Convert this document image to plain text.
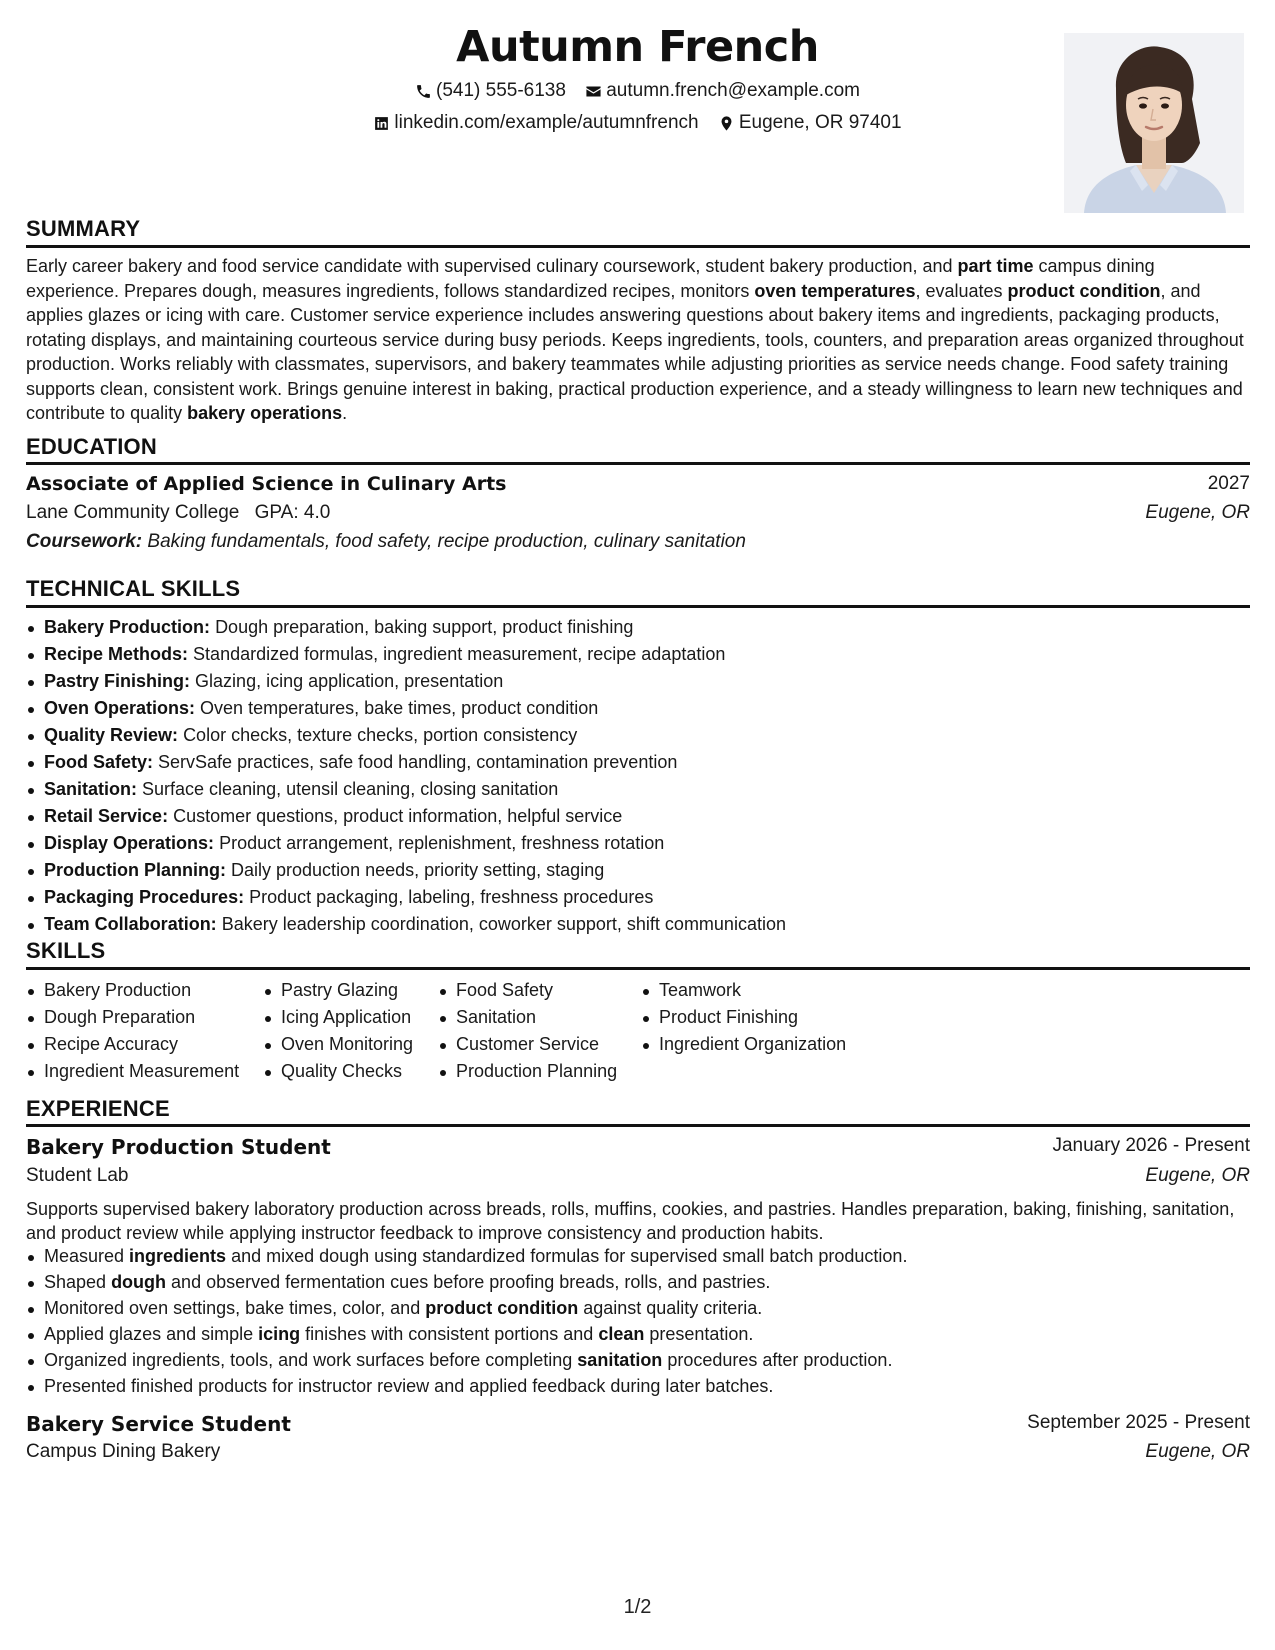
Autumn French
(541) 555-6138
autumn.french@example.com
linkedin.com/example/autumnfrench
Eugene, OR 97401
SUMMARY
Early career bakery and food service candidate with supervised culinary coursework, student bakery production, and part time campus dining experience. Prepares dough, measures ingredients, follows standardized recipes, monitors oven temperatures, evaluates product condition, and applies glazes or icing with care. Customer service experience includes answering questions about bakery items and ingredients, packaging products, rotating displays, and maintaining courteous service during busy periods. Keeps ingredients, tools, counters, and preparation areas organized throughout production. Works reliably with classmates, supervisors, and bakery teammates while adjusting priorities as service needs change. Food safety training supports clean, consistent work. Brings genuine interest in baking, practical production experience, and a steady willingness to learn new techniques and contribute to quality bakery operations.
EDUCATION
Associate of Applied Science in Culinary Arts	2027
Lane Community College GPA: 4.0	Eugene, OR
Coursework: Baking fundamentals, food safety, recipe production, culinary sanitation
TECHNICAL SKILLS
Bakery Production: Dough preparation, baking support, product finishing
Recipe Methods: Standardized formulas, ingredient measurement, recipe adaptation
Pastry Finishing: Glazing, icing application, presentation
Oven Operations: Oven temperatures, bake times, product condition
Quality Review: Color checks, texture checks, portion consistency
Food Safety: ServSafe practices, safe food handling, contamination prevention
Sanitation: Surface cleaning, utensil cleaning, closing sanitation
Retail Service: Customer questions, product information, helpful service
Display Operations: Product arrangement, replenishment, freshness rotation
Production Planning: Daily production needs, priority setting, staging
Packaging Procedures: Product packaging, labeling, freshness procedures
Team Collaboration: Bakery leadership coordination, coworker support, shift communication
SKILLS
Bakery Production
Dough Preparation
Recipe Accuracy
Ingredient Measurement
Pastry Glazing
Icing Application
Oven Monitoring
Quality Checks
Food Safety
Sanitation
Customer Service
Production Planning
Teamwork
Product Finishing
Ingredient Organization
EXPERIENCE
Bakery Production Student	January 2026 - Present
Student Lab	Eugene, OR
Supports supervised bakery laboratory production across breads, rolls, muffins, cookies, and pastries. Handles preparation, baking, finishing, sanitation, and product review while applying instructor feedback to improve consistency and production habits.
Measured ingredients and mixed dough using standardized formulas for supervised small batch production.
Shaped dough and observed fermentation cues before proofing breads, rolls, and pastries.
Monitored oven settings, bake times, color, and product condition against quality criteria.
Applied glazes and simple icing finishes with consistent portions and clean presentation.
Organized ingredients, tools, and work surfaces before completing sanitation procedures after production.
Presented finished products for instructor review and applied feedback during later batches.
Bakery Service Student	September 2025 - Present
Campus Dining Bakery	Eugene, OR
1/2
